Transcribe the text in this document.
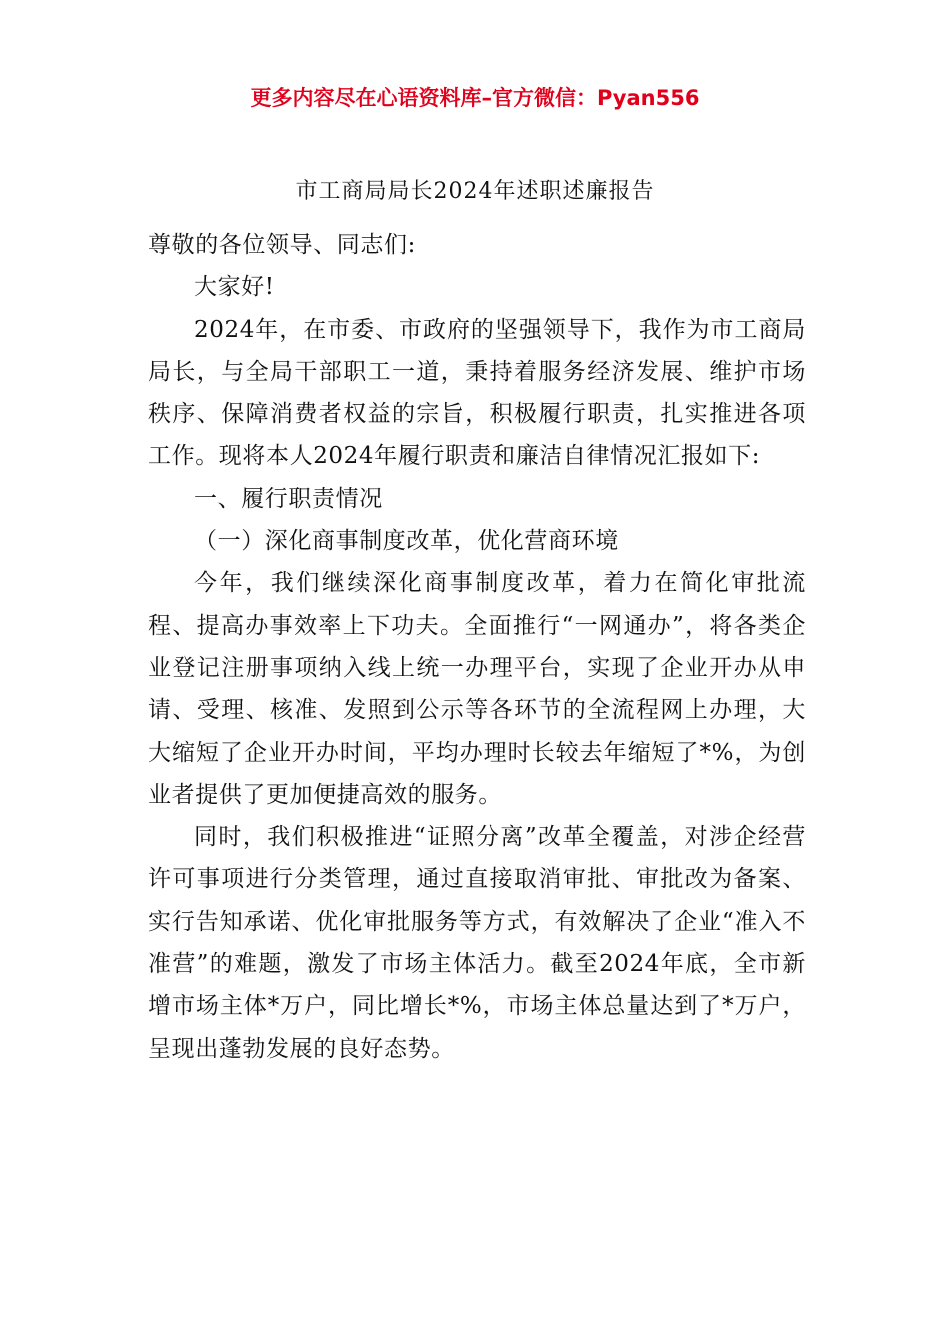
更多内容尽在心语资料库–官方微信：Pyan556
市工商局局长2024年述职述廉报告

尊敬的各位领导、同志们:

大家好!

2024年，在市委、市政府的坚强领导下，我作为市工商局局长，与全局干部职工一道，秉持着服务经济发展、维护市场秩序、保障消费者权益的宗旨，积极履行职责，扎实推进各项工作。现将本人2024年履行职责和廉洁自律情况汇报如下:

一、履行职责情况

（一）深化商事制度改革，优化营商环境

今年，我们继续深化商事制度改革，着力在简化审批流程、提高办事效率上下功夫。全面推行“一网通办”，将各类企业登记注册事项纳入线上统一办理平台，实现了企业开办从申请、受理、核准、发照到公示等各环节的全流程网上办理，大大缩短了企业开办时间，平均办理时长较去年缩短了*%，为创业者提供了更加便捷高效的服务。

同时，我们积极推进“证照分离”改革全覆盖，对涉企经营许可事项进行分类管理，通过直接取消审批、审批改为备案、实行告知承诺、优化审批服务等方式，有效解决了企业“准入不准营”的难题，激发了市场主体活力。截至2024年底，全市新增市场主体*万户，同比增长*%，市场主体总量达到了*万户，呈现出蓬勃发展的良好态势。
